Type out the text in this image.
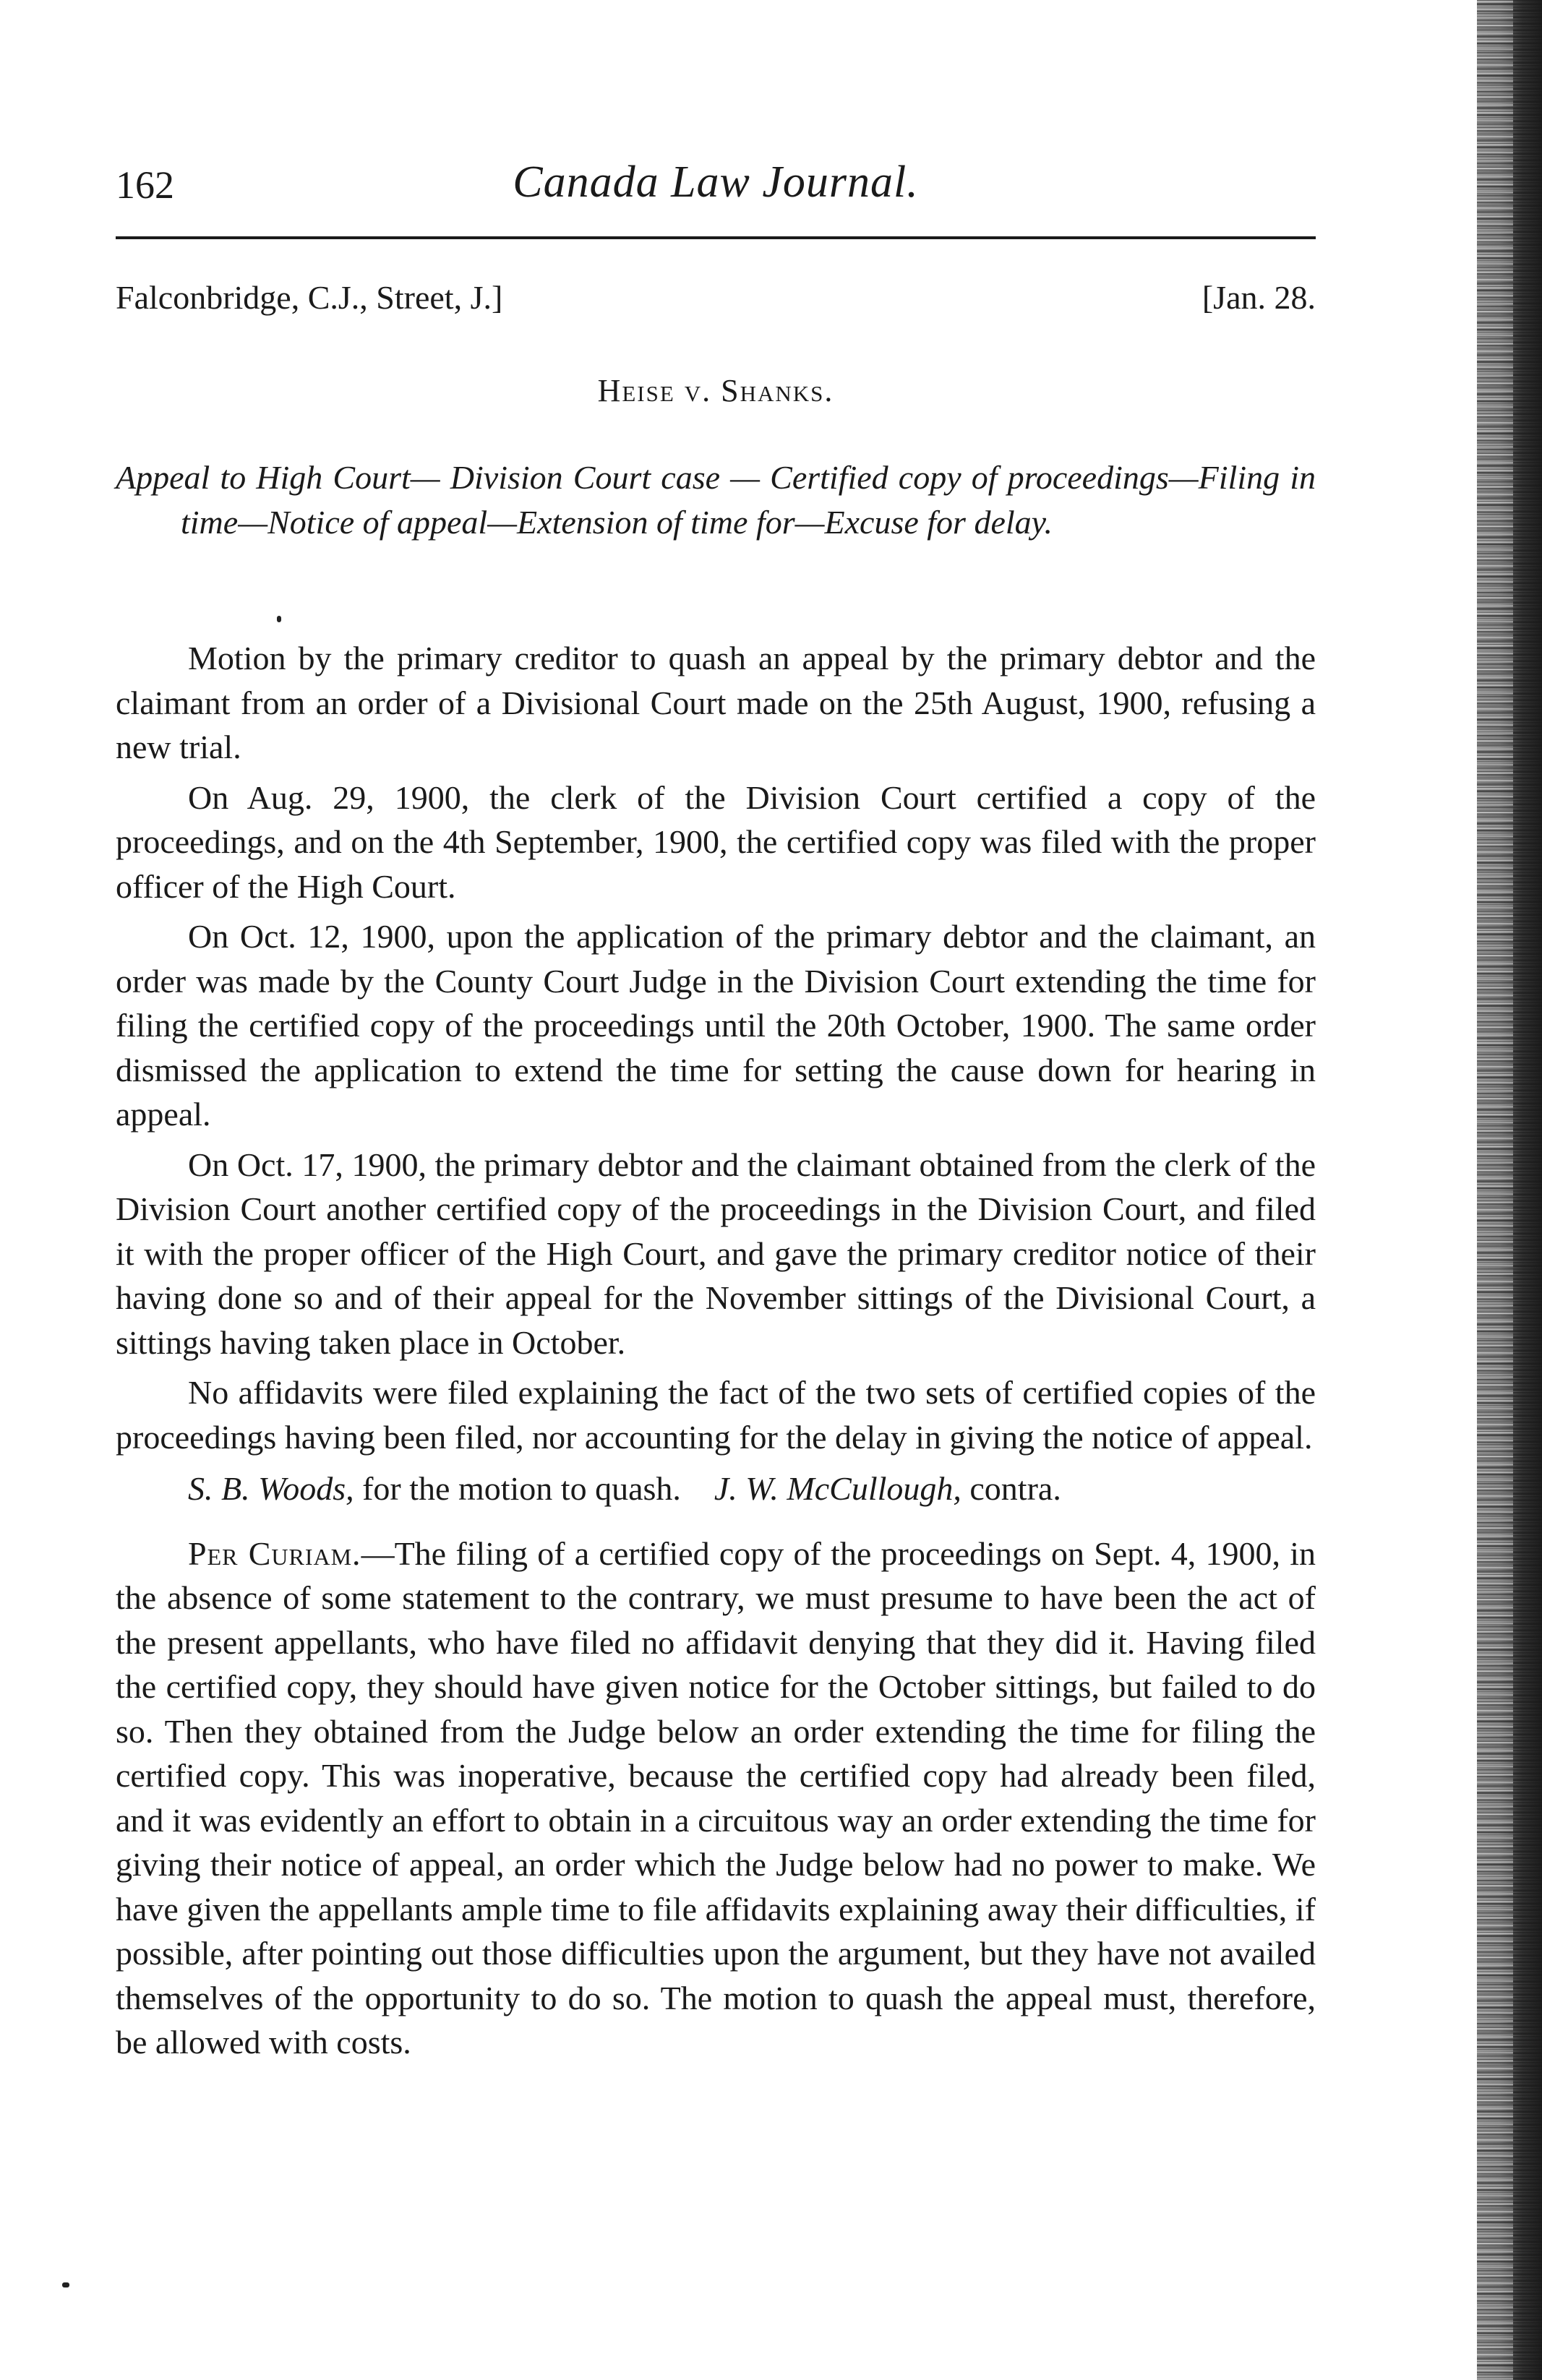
162	Canada Law Journal.
Falconbridge, C.J., Street, J.]	[Jan. 28.
Heise v. Shanks.
Appeal to High Court— Division Court case — Certified copy of proceedings—Filing in time—Notice of appeal—Extension of time for—Excuse for delay.

Motion by the primary creditor to quash an appeal by the primary debtor and the claimant from an order of a Divisional Court made on the 25th August, 1900, refusing a new trial.

On Aug. 29, 1900, the clerk of the Division Court certified a copy of the proceedings, and on the 4th September, 1900, the certified copy was filed with the proper officer of the High Court.

On Oct. 12, 1900, upon the application of the primary debtor and the claimant, an order was made by the County Court Judge in the Division Court extending the time for filing the certified copy of the proceedings until the 20th October, 1900. The same order dismissed the application to extend the time for setting the cause down for hearing in appeal.

On Oct. 17, 1900, the primary debtor and the claimant obtained from the clerk of the Division Court another certified copy of the proceedings in the Division Court, and filed it with the proper officer of the High Court, and gave the primary creditor notice of their having done so and of their appeal for the November sittings of the Divisional Court, a sittings having taken place in October.

No affidavits were filed explaining the fact of the two sets of certified copies of the proceedings having been filed, nor accounting for the delay in giving the notice of appeal.

S. B. Woods, for the motion to quash.  J. W. McCullough, contra.

Per Curiam.—The filing of a certified copy of the proceedings on Sept. 4, 1900, in the absence of some statement to the contrary, we must presume to have been the act of the present appellants, who have filed no affidavit denying that they did it. Having filed the certified copy, they should have given notice for the October sittings, but failed to do so. Then they obtained from the Judge below an order extending the time for filing the certified copy. This was inoperative, because the certified copy had already been filed, and it was evidently an effort to obtain in a circuitous way an order extending the time for giving their notice of appeal, an order which the Judge below had no power to make. We have given the appellants ample time to file affidavits explaining away their difficulties, if possible, after pointing out those difficulties upon the argument, but they have not availed themselves of the opportunity to do so. The motion to quash the appeal must, therefore, be allowed with costs.
